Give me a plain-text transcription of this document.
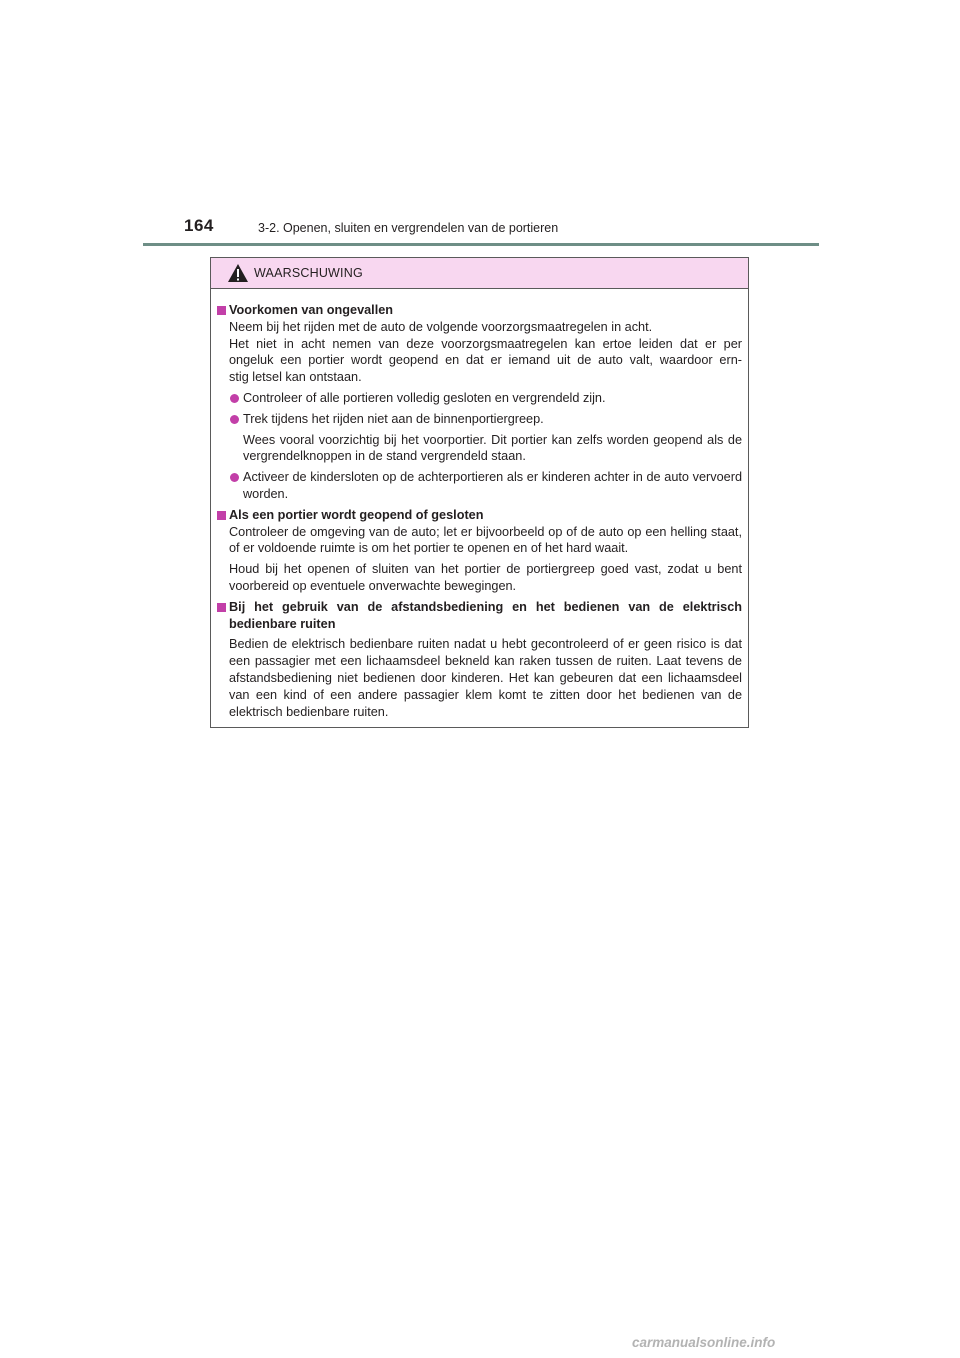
164	3-2. Openen, sluiten en vergrendelen van de portieren
WAARSCHUWING
Voorkomen van ongevallen
Neem bij het rijden met de auto de volgende voorzorgsmaatregelen in acht.
Het niet in acht nemen van deze voorzorgsmaatregelen kan ertoe leiden dat er per
ongeluk een portier wordt geopend en dat er iemand uit de auto valt, waardoor ern-
stig letsel kan ontstaan.
Controleer of alle portieren volledig gesloten en vergrendeld zijn.
Trek tijdens het rijden niet aan de binnenportiergreep.
Wees vooral voorzichtig bij het voorportier. Dit portier kan zelfs worden geopend als de vergrendelknoppen in de stand vergrendeld staan.
Activeer de kindersloten op de achterportieren als er kinderen achter in de auto vervoerd worden.
Als een portier wordt geopend of gesloten
Controleer de omgeving van de auto; let er bijvoorbeeld op of de auto op een helling staat, of er voldoende ruimte is om het portier te openen en of het hard waait.
Houd bij het openen of sluiten van het portier de portiergreep goed vast, zodat u bent voorbereid op eventuele onverwachte bewegingen.
Bij het gebruik van de afstandsbediening en het bedienen van de elektrisch bedienbare ruiten
Bedien de elektrisch bedienbare ruiten nadat u hebt gecontroleerd of er geen risico is dat een passagier met een lichaamsdeel bekneld kan raken tussen de ruiten. Laat tevens de afstandsbediening niet bedienen door kinderen. Het kan gebeuren dat een lichaamsdeel van een kind of een andere passagier klem komt te zitten door het bedienen van de elektrisch bedienbare ruiten.
carmanualsonline.info
